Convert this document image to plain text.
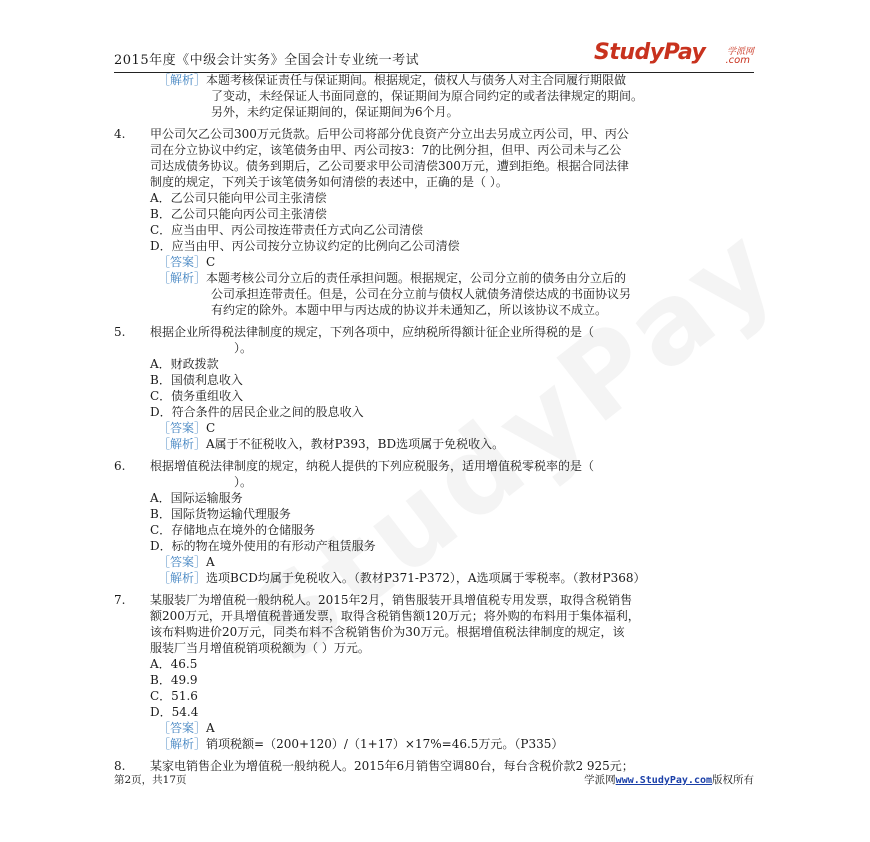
2015年度《中级会计实务》全国会计专业统一考试	StudyPay 学派网
.com
［解析］本题考核保证责任与保证期间。根据规定，债权人与债务人对主合同履行期限做
了变动，未经保证人书面同意的，保证期间为原合同约定的或者法律规定的期间。
另外，未约定保证期间的，保证期间为6个月。
4. 甲公司欠乙公司300万元货款。后甲公司将部分优良资产分立出去另成立丙公司，甲、丙公
司在分立协议中约定，该笔债务由甲、丙公司按3：7的比例分担，但甲、丙公司未与乙公
司达成债务协议。债务到期后，乙公司要求甲公司清偿300万元，遭到拒绝。根据合同法律
制度的规定，下列关于该笔债务如何清偿的表述中，正确的是（ ）。
A．乙公司只能向甲公司主张清偿
B．乙公司只能向丙公司主张清偿
C．应当由甲、丙公司按连带责任方式向乙公司清偿
D．应当由甲、丙公司按分立协议约定的比例向乙公司清偿
［答案］C
［解析］本题考核公司分立后的责任承担问题。根据规定，公司分立前的债务由分立后的
公司承担连带责任。但是，公司在分立前与债权人就债务清偿达成的书面协议另
有约定的除外。本题中甲与丙达成的协议并未通知乙，所以该协议不成立。
5. 根据企业所得税法律制度的规定，下列各项中，应纳税所得额计征企业所得税的是（
）。
A．财政拨款
B．国债利息收入
C．债务重组收入
D．符合条件的居民企业之间的股息收入
［答案］C
［解析］A属于不征税收入，教材P393，BD选项属于免税收入。
6. 根据增值税法律制度的规定，纳税人提供的下列应税服务，适用增值税零税率的是（
）。
A．国际运输服务
B．国际货物运输代理服务
C．存储地点在境外的仓储服务
D．标的物在境外使用的有形动产租赁服务
［答案］A
［解析］选项BCD均属于免税收入。（教材P371-P372），A选项属于零税率。（教材P368）
7. 某服装厂为增值税一般纳税人。2015年2月，销售服装开具增值税专用发票，取得含税销售
额200万元，开具增值税普通发票，取得含税销售额120万元；将外购的布料用于集体福利，
该布料购进价20万元，同类布料不含税销售价为30万元。根据增值税法律制度的规定，该
服装厂当月增值税销项税额为（ ）万元。
A．46.5
B．49.9
C．51.6
D．54.4
［答案］A
［解析］销项税额=（200+120）/（1+17）×17%=46.5万元。（P335）
8. 某家电销售企业为增值税一般纳税人。2015年6月销售空调80台，每台含税价款2 925元；
第2页，共17页	学派网www.StudyPay.com版权所有
